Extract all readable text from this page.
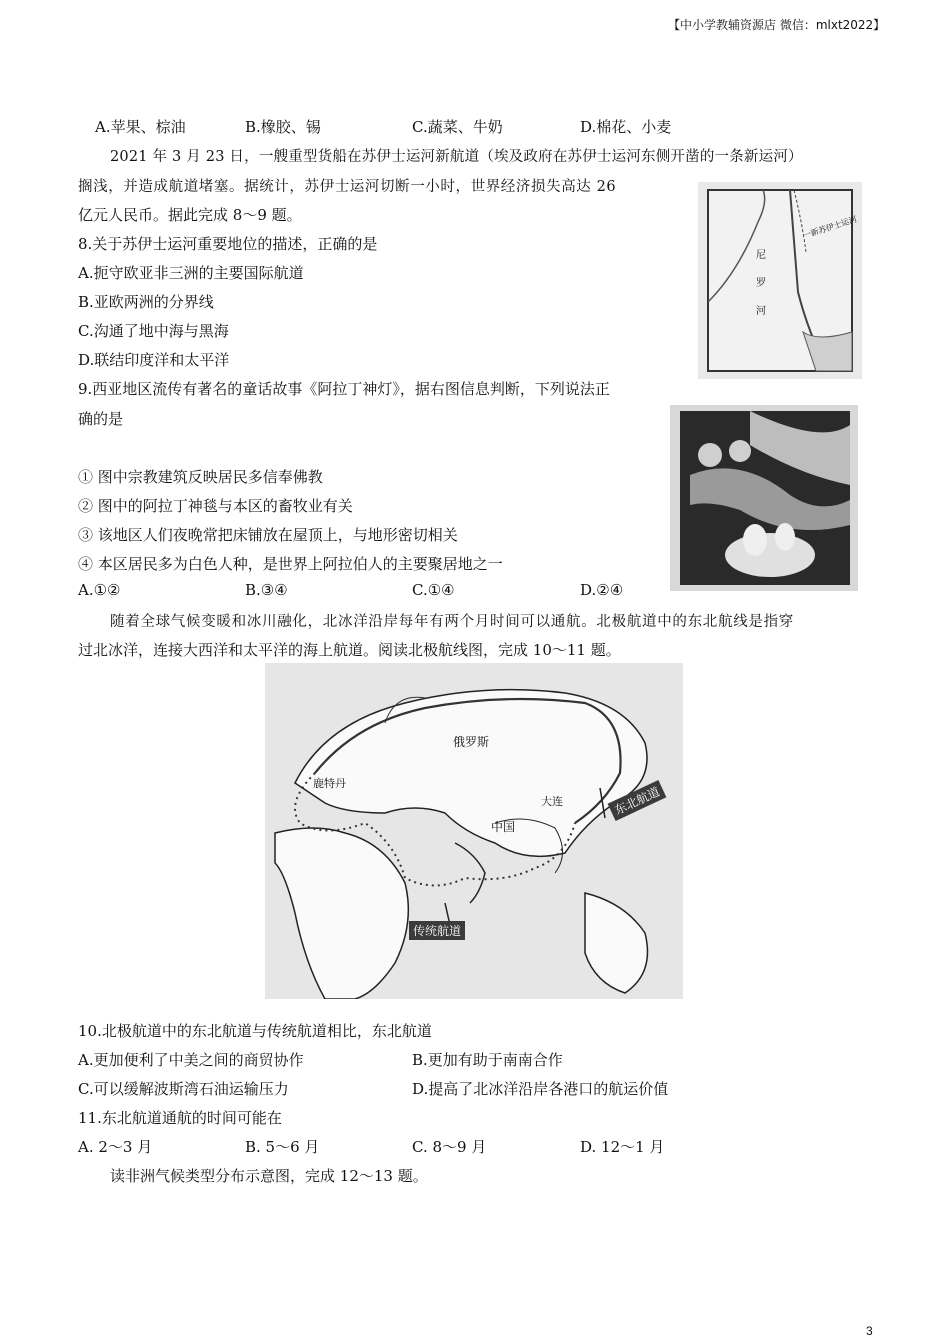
【中小学教辅资源店 微信：mlxt2022】
A.苹果、棕油	B.橡胶、锡	C.蔬菜、牛奶	D.棉花、小麦
2021 年 3 月 23 日，一艘重型货船在苏伊士运河新航道（埃及政府在苏伊士运河东侧开凿的一条新运河）
搁浅，并造成航道堵塞。据统计，苏伊士运河切断一小时，世界经济损失高达 26
亿元人民币。据此完成 8～9 题。	一新苏伊士运河
尼罗河
8.关于苏伊士运河重要地位的描述，正确的是
A.扼守欧亚非三洲的主要国际航道
B.亚欧两洲的分界线
C.沟通了地中海与黑海
D.联结印度洋和太平洋
9.西亚地区流传有著名的童话故事《阿拉丁神灯》，据右图信息判断，下列说法正
确的是
① 图中宗教建筑反映居民多信奉佛教
② 图中的阿拉丁神毯与本区的畜牧业有关
③ 该地区人们夜晚常把床铺放在屋顶上，与地形密切相关
④ 本区居民多为白色人种，是世界上阿拉伯人的主要聚居地之一
A.①②	B.③④	C.①④	D.②④
随着全球气候变暖和冰川融化，北冰洋沿岸每年有两个月时间可以通航。北极航道中的东北航线是指穿
过北冰洋，连接大西洋和太平洋的海上航道。阅读北极航线图，完成 10～11 题。
俄罗斯
中国
大连
鹿特丹
东北航道
传统航道
10.北极航道中的东北航道与传统航道相比，东北航道
A.更加便利了中美之间的商贸协作	B.更加有助于南南合作
C.可以缓解波斯湾石油运输压力	D.提高了北冰洋沿岸各港口的航运价值
11.东北航道通航的时间可能在
A. 2～3 月	B. 5～6 月	C. 8～9 月	D. 12～1 月
读非洲气候类型分布示意图，完成 12～13 题。
3
